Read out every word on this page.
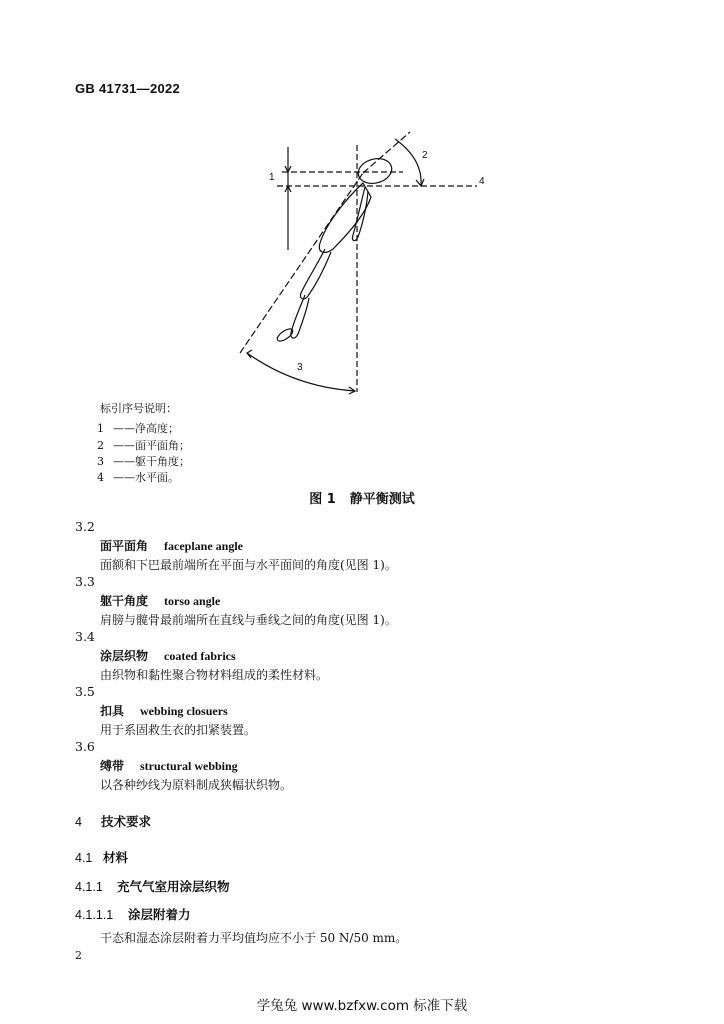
GB 41731—2022
1
2
3
4
标引序号说明：
1 ——净高度；
2 ——面平面角；
3 ——躯干角度；
4 ——水平面。
图 1 静平衡测试
3.2
面平面角 faceplane angle
面额和下巴最前端所在平面与水平面间的角度(见图 1)。
3.3
躯干角度 torso angle
肩膀与髋骨最前端所在直线与垂线之间的角度(见图 1)。
3.4
涂层织物 coated fabrics
由织物和黏性聚合物材料组成的柔性材料。
3.5
扣具 webbing closuers
用于系固救生衣的扣紧装置。
3.6
缚带 structural webbing
以各种纱线为原料制成狭幅状织物。
4 技术要求
4.1 材料
4.1.1 充气气室用涂层织物
4.1.1.1 涂层附着力
干态和湿态涂层附着力平均值均应不小于 50 N/50 mm。
2
学兔兔 www.bzfxw.com 标准下载
